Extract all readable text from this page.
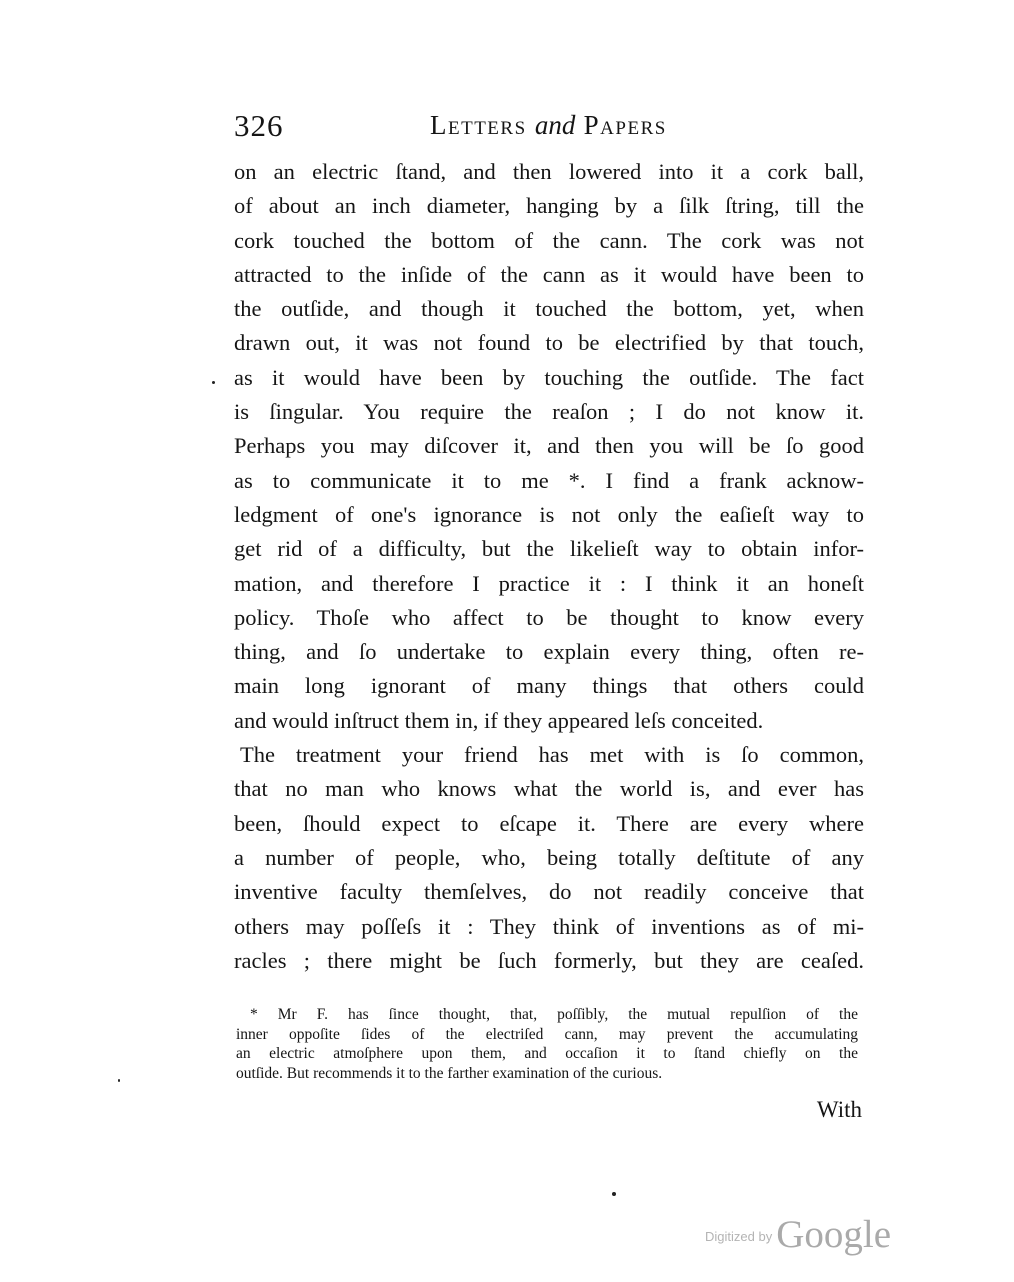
326	Letters and Papers
on an electric ſtand, and then lowered into it a cork ball,
of about an inch diameter, hanging by a ſilk ſtring, till the
cork touched the bottom of the cann. The cork was not
attracted to the inſide of the cann as it would have been to
the outſide, and though it touched the bottom, yet, when
drawn out, it was not found to be electrified by that touch,
as it would have been by touching the outſide. The fact
is ſingular. You require the reaſon ; I do not know it.
Perhaps you may diſcover it, and then you will be ſo good
as to communicate it to me *. I find a frank acknow-
ledgment of one's ignorance is not only the eaſieſt way to
get rid of a difficulty, but the likelieſt way to obtain infor-
mation, and therefore I practice it : I think it an honeſt
policy. Thoſe who affect to be thought to know every
thing, and ſo undertake to explain every thing, often re-
main long ignorant of many things that others could
and would inſtruct them in, if they appeared leſs conceited.
The treatment your friend has met with is ſo common,
that no man who knows what the world is, and ever has
been, ſhould expect to eſcape it. There are every where
a number of people, who, being totally deſtitute of any
inventive faculty themſelves, do not readily conceive that
others may poſſeſs it : They think of inventions as of mi-
racles ; there might be ſuch formerly, but they are ceaſed.
* Mr F. has ſince thought, that, poſſibly, the mutual repulſion of the
inner oppoſite ſides of the electriſed cann, may prevent the accumulating
an electric atmoſphere upon them, and occaſion it to ſtand chiefly on the
outſide. But recommends it to the farther examination of the curious.
With
$^{Digitized by}$ Google
